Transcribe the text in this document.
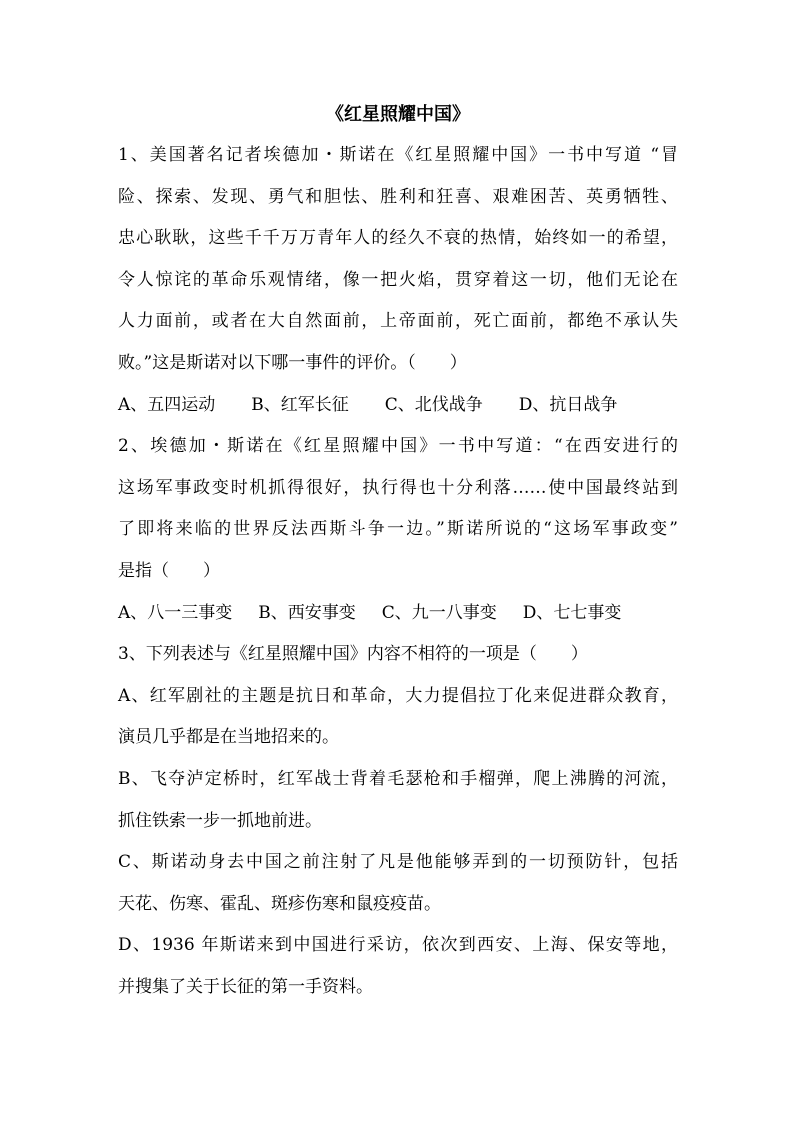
《红星照耀中国》
1、美国著名记者埃德加・斯诺在《红星照耀中国》一书中写道 “冒
险、探索、发现、勇气和胆怯、胜利和狂喜、艰难困苦、英勇牺牲、
忠心耿耿，这些千千万万青年人的经久不衰的热情，始终如一的希望，
令人惊诧的革命乐观情绪，像一把火焰，贯穿着这一切，他们无论在
人力面前，或者在大自然面前，上帝面前，死亡面前，都绝不承认失
败。”这是斯诺对以下哪一事件的评价。（　　）
A、五四运动 B、红军长征 C、北伐战争 D、抗日战争
2、埃德加・斯诺在《红星照耀中国》一书中写道：“在西安进行的
这场军事政变时机抓得很好，执行得也十分利落……使中国最终站到
了即将来临的世界反法西斯斗争一边。”斯诺所说的“这场军事政变”
是指（　　）
A、八一三事变 B、西安事变 C、九一八事变 D、七七事变
3、下列表述与《红星照耀中国》内容不相符的一项是（　　）
A、红军剧社的主题是抗日和革命，大力提倡拉丁化来促进群众教育，
演员几乎都是在当地招来的。
B、飞夺泸定桥时，红军战士背着毛瑟枪和手榴弹，爬上沸腾的河流，
抓住铁索一步一抓地前进。
C、斯诺动身去中国之前注射了凡是他能够弄到的一切预防针，包括
天花、伤寒、霍乱、斑疹伤寒和鼠疫疫苗。
D、1936 年斯诺来到中国进行采访，依次到西安、上海、保安等地，
并搜集了关于长征的第一手资料。
